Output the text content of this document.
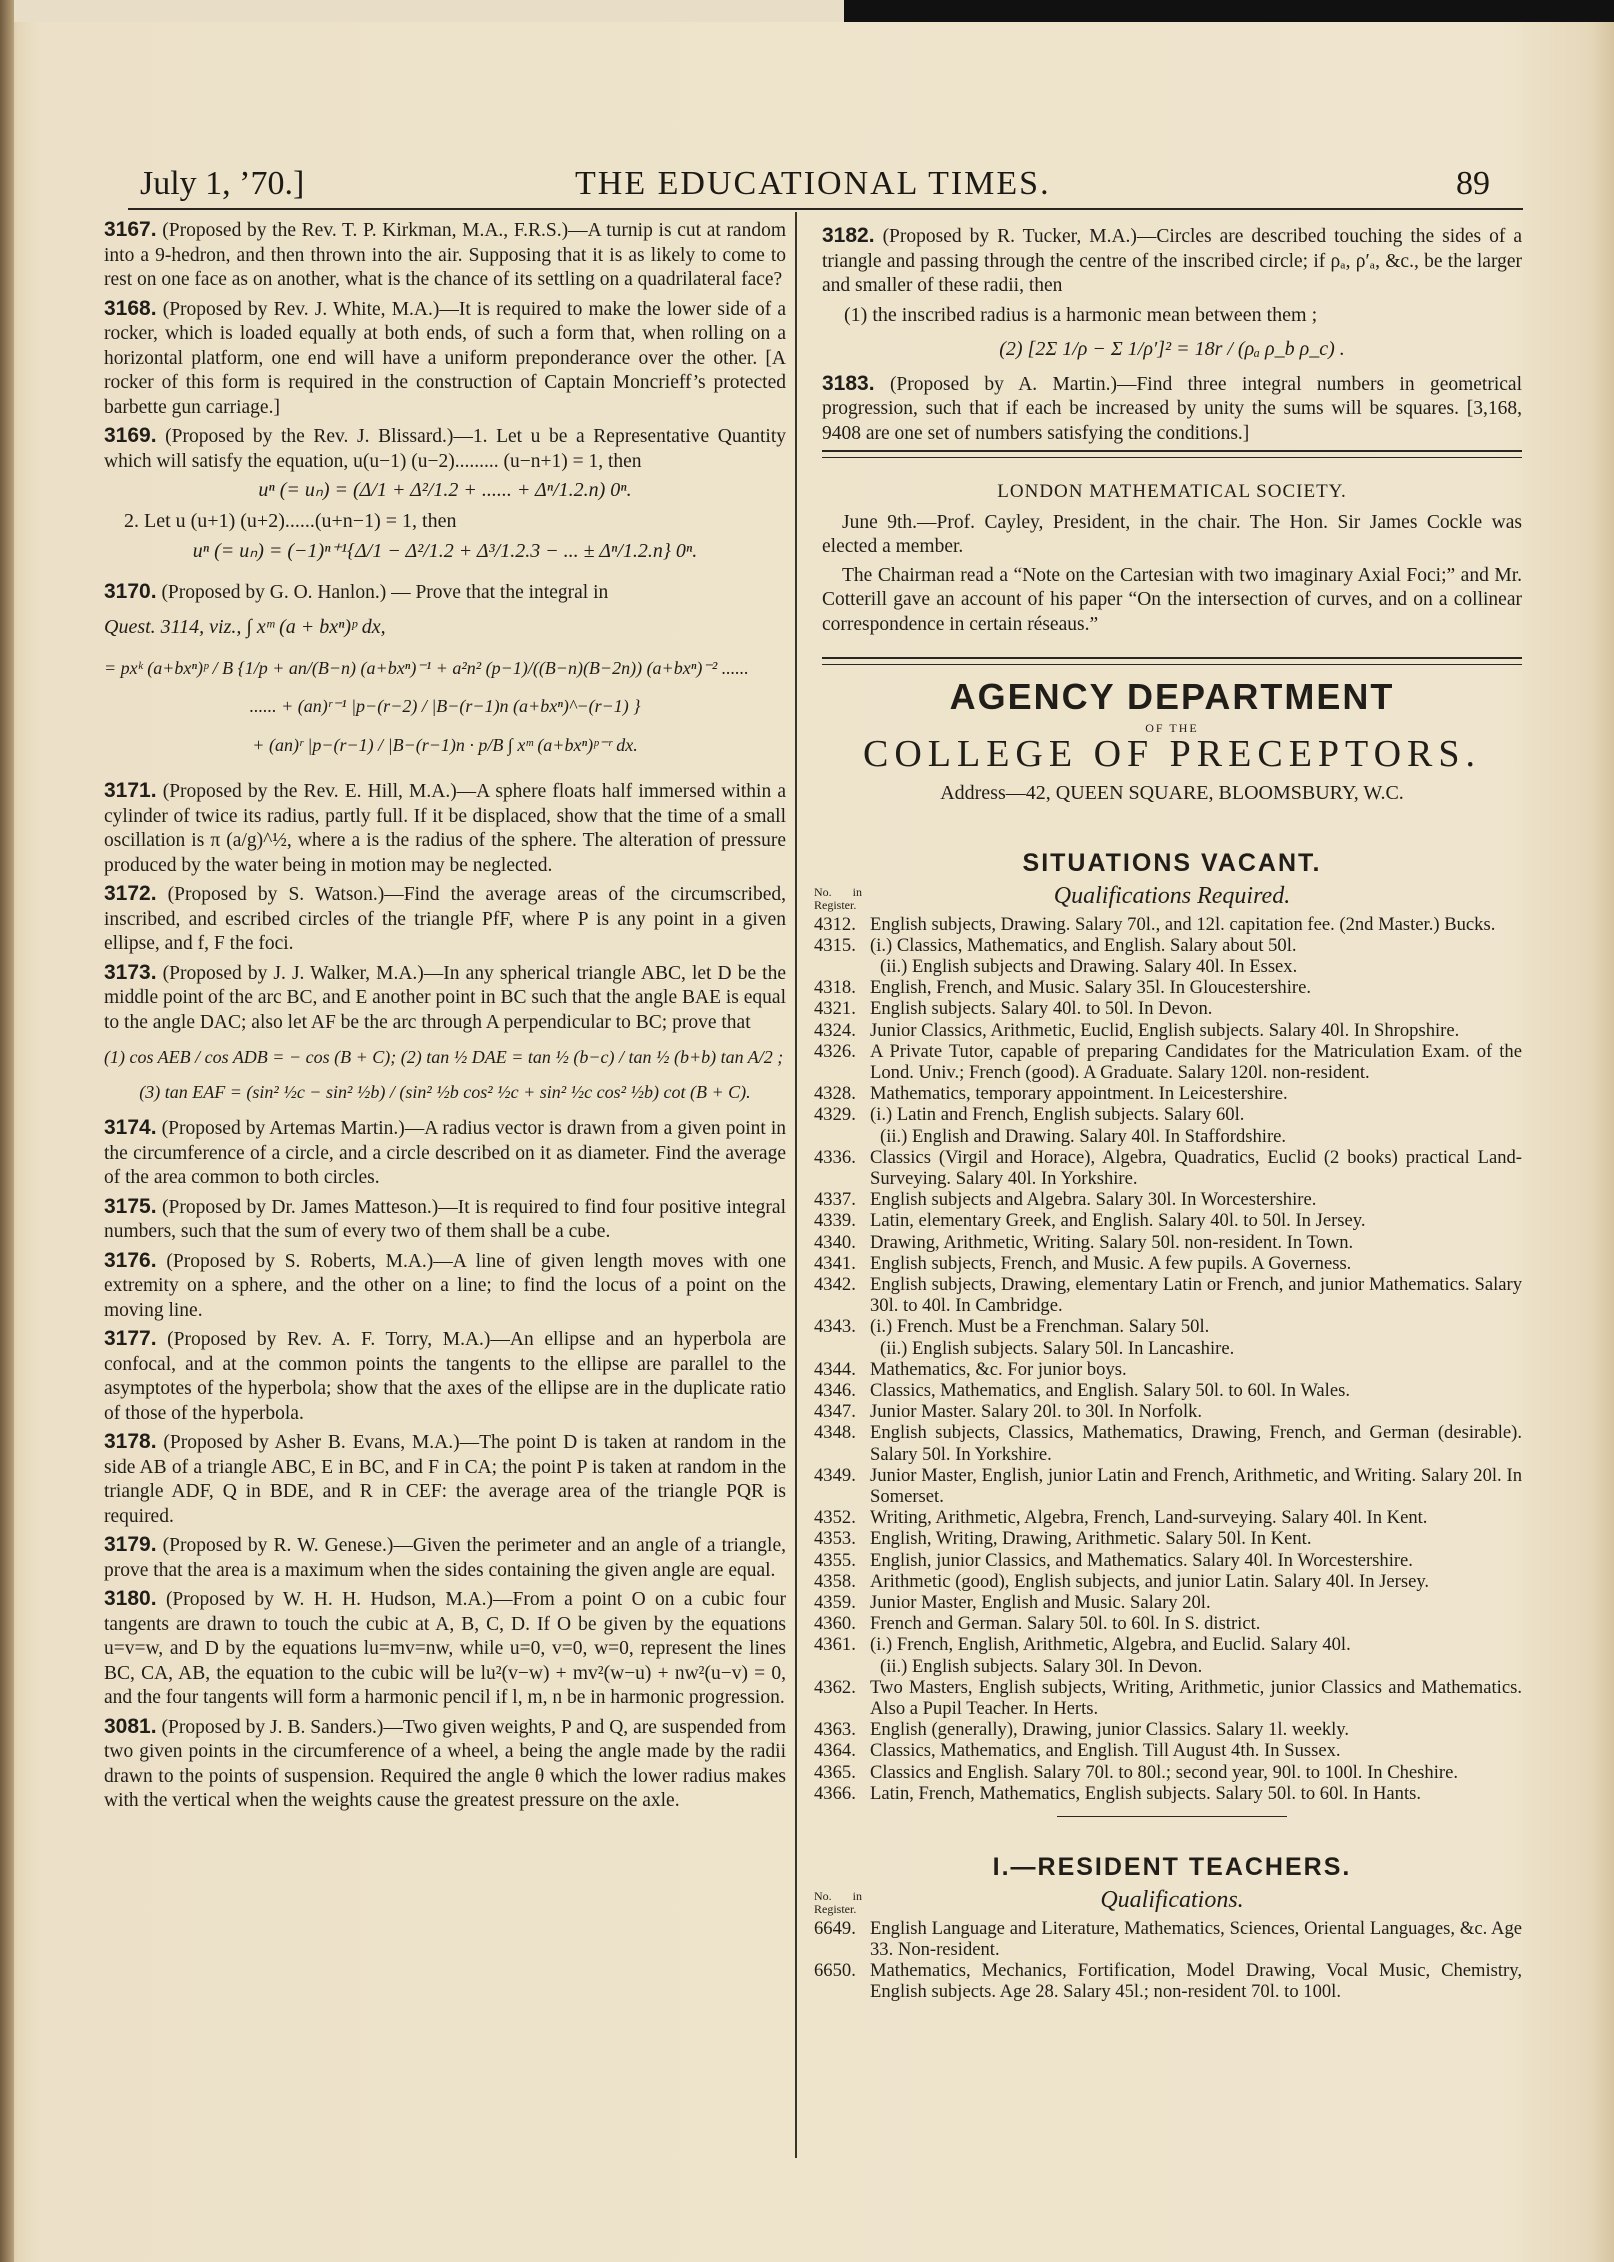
July 1, ’70.]	THE EDUCATIONAL TIMES.	89

3167. (Proposed by the Rev. T. P. Kirkman, M.A., F.R.S.)—A turnip is cut at random into a 9-hedron, and then thrown into the air. Supposing that it is as likely to come to rest on one face as on another, what is the chance of its settling on a quadrilateral face?

3168. (Proposed by Rev. J. White, M.A.)—It is required to make the lower side of a rocker, which is loaded equally at both ends, of such a form that, when rolling on a horizontal platform, one end will have a uniform preponderance over the other. [A rocker of this form is required in the construction of Captain Moncrieff’s protected barbette gun carriage.]

3169. (Proposed by the Rev. J. Blissard.)—1. Let u be a Representative Quantity which will satisfy the equation, u(u−1) (u−2)......... (u−n+1) = 1, then

uⁿ (= uₙ) = (Δ/1 + Δ²/1.2 + ...... + Δⁿ/1.2.n) 0ⁿ.
2. Let u (u+1) (u+2)......(u+n−1) = 1, then
uⁿ (= uₙ) = (−1)ⁿ⁺¹{Δ/1 − Δ²/1.2 + Δ³/1.2.3 − ... ± Δⁿ/1.2.n} 0ⁿ.

3170. (Proposed by G. O. Hanlon.) — Prove that the integral in

Quest. 3114, viz., ∫ xᵐ (a + bxⁿ)ᵖ dx,
= pxᵏ (a+bxⁿ)ᵖ / B {1/p + an/(B−n) (a+bxⁿ)⁻¹ + a²n² (p−1)/((B−n)(B−2n)) (a+bxⁿ)⁻² ......
...... + (an)ʳ⁻¹ |p−(r−2) / |B−(r−1)n (a+bxⁿ)^−(r−1) }
+ (an)ʳ |p−(r−1) / |B−(r−1)n · p/B ∫ xᵐ (a+bxⁿ)ᵖ⁻ʳ dx.

3171. (Proposed by the Rev. E. Hill, M.A.)—A sphere floats half immersed within a cylinder of twice its radius, partly full. If it be displaced, show that the time of a small oscillation is π (a/g)^½, where a is the radius of the sphere. The alteration of pressure produced by the water being in motion may be neglected.

3172. (Proposed by S. Watson.)—Find the average areas of the circumscribed, inscribed, and escribed circles of the triangle PfF, where P is any point in a given ellipse, and f, F the foci.

3173. (Proposed by J. J. Walker, M.A.)—In any spherical triangle ABC, let D be the middle point of the arc BC, and E another point in BC such that the angle BAE is equal to the angle DAC; also let AF be the arc through A perpendicular to BC; prove that

(1) cos AEB / cos ADB = − cos (B + C); (2) tan ½ DAE = tan ½ (b−c) / tan ½ (b+b) tan A/2 ;
(3) tan EAF = (sin² ½c − sin² ½b) / (sin² ½b cos² ½c + sin² ½c cos² ½b) cot (B + C).

3174. (Proposed by Artemas Martin.)—A radius vector is drawn from a given point in the circumference of a circle, and a circle described on it as diameter. Find the average of the area common to both circles.

3175. (Proposed by Dr. James Matteson.)—It is required to find four positive integral numbers, such that the sum of every two of them shall be a cube.

3176. (Proposed by S. Roberts, M.A.)—A line of given length moves with one extremity on a sphere, and the other on a line; to find the locus of a point on the moving line.

3177. (Proposed by Rev. A. F. Torry, M.A.)—An ellipse and an hyperbola are confocal, and at the common points the tangents to the ellipse are parallel to the asymptotes of the hyperbola; show that the axes of the ellipse are in the duplicate ratio of those of the hyperbola.

3178. (Proposed by Asher B. Evans, M.A.)—The point D is taken at random in the side AB of a triangle ABC, E in BC, and F in CA; the point P is taken at random in the triangle ADF, Q in BDE, and R in CEF: the average area of the triangle PQR is required.

3179. (Proposed by R. W. Genese.)—Given the perimeter and an angle of a triangle, prove that the area is a maximum when the sides containing the given angle are equal.

3180. (Proposed by W. H. H. Hudson, M.A.)—From a point O on a cubic four tangents are drawn to touch the cubic at A, B, C, D. If O be given by the equations u=v=w, and D by the equations lu=mv=nw, while u=0, v=0, w=0, represent the lines BC, CA, AB, the equation to the cubic will be lu²(v−w) + mv²(w−u) + nw²(u−v) = 0, and the four tangents will form a harmonic pencil if l, m, n be in harmonic progression.

3081. (Proposed by J. B. Sanders.)—Two given weights, P and Q, are suspended from two given points in the circumference of a wheel, a being the angle made by the radii drawn to the points of suspension. Required the angle θ which the lower radius makes with the vertical when the weights cause the greatest pressure on the axle.

3182. (Proposed by R. Tucker, M.A.)—Circles are described touching the sides of a triangle and passing through the centre of the inscribed circle; if ρₐ, ρ′ₐ, &c., be the larger and smaller of these radii, then

(1) the inscribed radius is a harmonic mean between them ;
(2) [2Σ 1/ρ − Σ 1/ρ′]² = 18r / (ρₐ ρ_b ρ_c) .

3183. (Proposed by A. Martin.)—Find three integral numbers in geometrical progression, such that if each be increased by unity the sums will be squares. [3,168, 9408 are one set of numbers satisfying the conditions.]

LONDON MATHEMATICAL SOCIETY.

June 9th.—Prof. Cayley, President, in the chair. The Hon. Sir James Cockle was elected a member.

The Chairman read a “Note on the Cartesian with two imaginary Axial Foci;” and Mr. Cotterill gave an account of his paper “On the intersection of curves, and on a collinear correspondence in certain réseaus.”

AGENCY DEPARTMENT
OF THE
COLLEGE OF PRECEPTORS.
Address—42, QUEEN SQUARE, BLOOMSBURY, W.C.
SITUATIONS VACANT.
No. in Register.	Qualifications Required.

4312. English subjects, Drawing. Salary 70l., and 12l. capitation fee. (2nd Master.) Bucks.

4315. (i.) Classics, Mathematics, and English. Salary about 50l.

(ii.) English subjects and Drawing. Salary 40l. In Essex.

4318. English, French, and Music. Salary 35l. In Gloucestershire.

4321. English subjects. Salary 40l. to 50l. In Devon.

4324. Junior Classics, Arithmetic, Euclid, English subjects. Salary 40l. In Shropshire.

4326. A Private Tutor, capable of preparing Candidates for the Matriculation Exam. of the Lond. Univ.; French (good). A Graduate. Salary 120l. non-resident.

4328. Mathematics, temporary appointment. In Leicestershire.

4329. (i.) Latin and French, English subjects. Salary 60l.

(ii.) English and Drawing. Salary 40l. In Staffordshire.

4336. Classics (Virgil and Horace), Algebra, Quadratics, Euclid (2 books) practical Land-Surveying. Salary 40l. In Yorkshire.

4337. English subjects and Algebra. Salary 30l. In Worcestershire.

4339. Latin, elementary Greek, and English. Salary 40l. to 50l. In Jersey.

4340. Drawing, Arithmetic, Writing. Salary 50l. non-resident. In Town.

4341. English subjects, French, and Music. A few pupils. A Governess.

4342. English subjects, Drawing, elementary Latin or French, and junior Mathematics. Salary 30l. to 40l. In Cambridge.

4343. (i.) French. Must be a Frenchman. Salary 50l.

(ii.) English subjects. Salary 50l. In Lancashire.

4344. Mathematics, &c. For junior boys.

4346. Classics, Mathematics, and English. Salary 50l. to 60l. In Wales.

4347. Junior Master. Salary 20l. to 30l. In Norfolk.

4348. English subjects, Classics, Mathematics, Drawing, French, and German (desirable). Salary 50l. In Yorkshire.

4349. Junior Master, English, junior Latin and French, Arithmetic, and Writing. Salary 20l. In Somerset.

4352. Writing, Arithmetic, Algebra, French, Land-surveying. Salary 40l. In Kent.

4353. English, Writing, Drawing, Arithmetic. Salary 50l. In Kent.

4355. English, junior Classics, and Mathematics. Salary 40l. In Worcestershire.

4358. Arithmetic (good), English subjects, and junior Latin. Salary 40l. In Jersey.

4359. Junior Master, English and Music. Salary 20l.

4360. French and German. Salary 50l. to 60l. In S. district.

4361. (i.) French, English, Arithmetic, Algebra, and Euclid. Salary 40l.

(ii.) English subjects. Salary 30l. In Devon.

4362. Two Masters, English subjects, Writing, Arithmetic, junior Classics and Mathematics. Also a Pupil Teacher. In Herts.

4363. English (generally), Drawing, junior Classics. Salary 1l. weekly.

4364. Classics, Mathematics, and English. Till August 4th. In Sussex.

4365. Classics and English. Salary 70l. to 80l.; second year, 90l. to 100l. In Cheshire.

4366. Latin, French, Mathematics, English subjects. Salary 50l. to 60l. In Hants.

I.—RESIDENT TEACHERS.
No. in Register.	Qualifications.

6649. English Language and Literature, Mathematics, Sciences, Oriental Languages, &c. Age 33. Non-resident.

6650. Mathematics, Mechanics, Fortification, Model Drawing, Vocal Music, Chemistry, English subjects. Age 28. Salary 45l.; non-resident 70l. to 100l.
